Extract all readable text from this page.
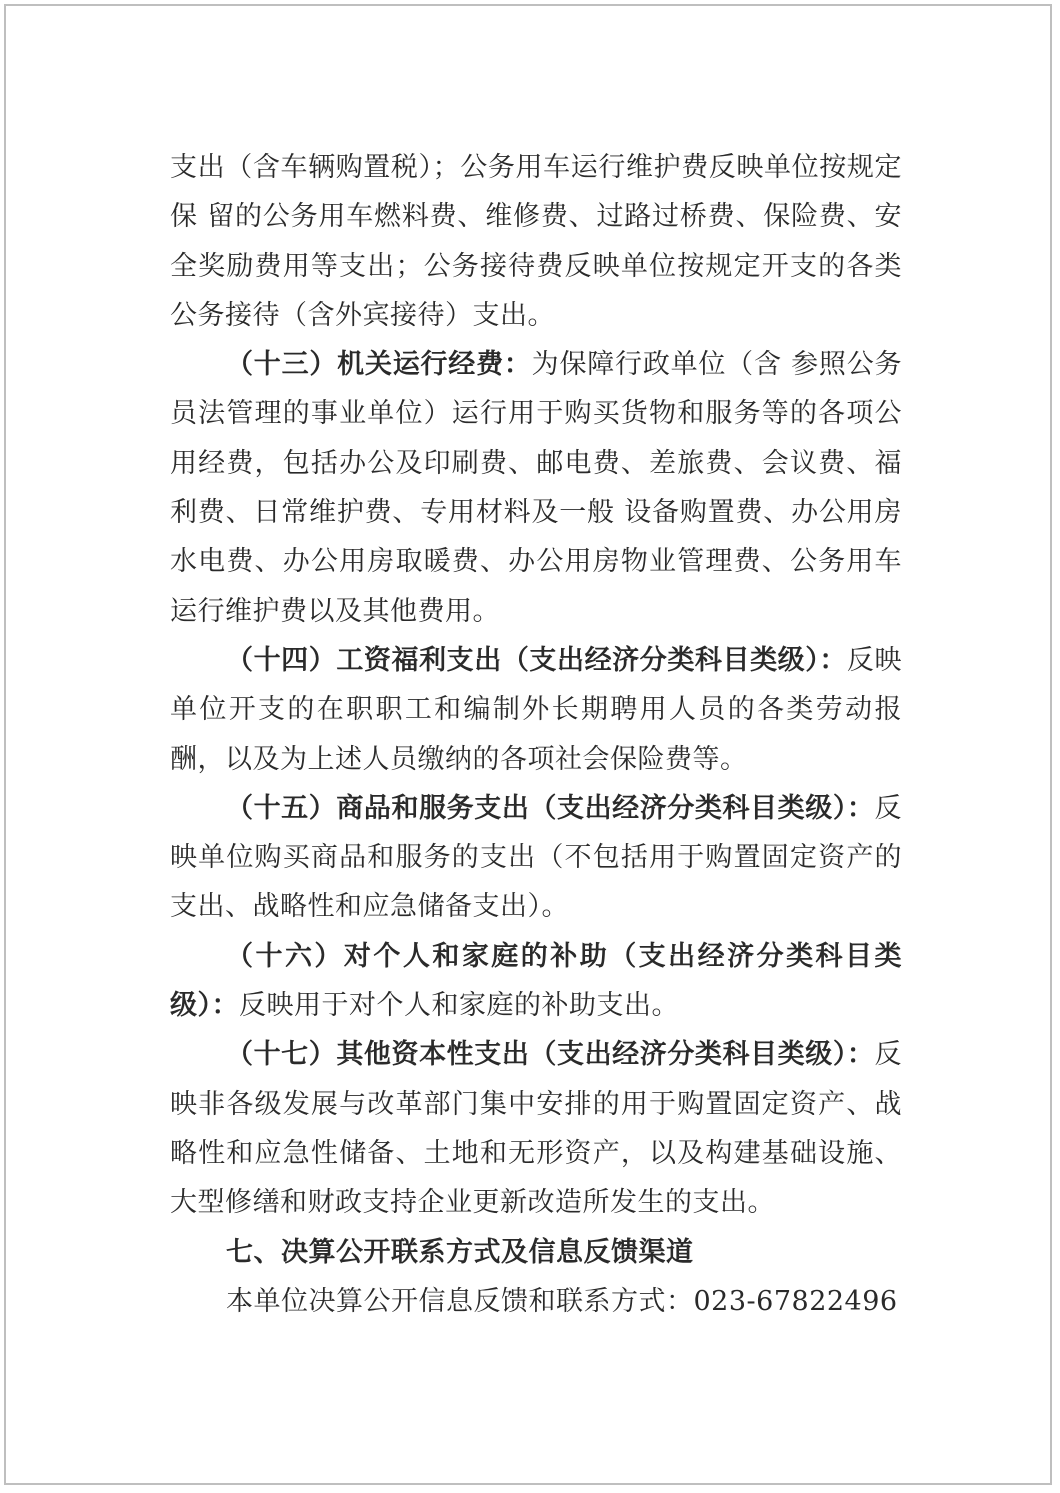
支出（含车辆购置税）；公务用车运行维护费反映单位按规定保 留的公务用车燃料费、维修费、过路过桥费、保险费、安全奖励费用等支出；公务接待费反映单位按规定开支的各类公务接待（含外宾接待）支出。

（十三）机关运行经费：为保障行政单位（含 参照公务员法管理的事业单位）运行用于购买货物和服务等的各项公用经费，包括办公及印刷费、邮电费、差旅费、会议费、福利费、日常维护费、专用材料及一般 设备购置费、办公用房水电费、办公用房取暖费、办公用房物业管理费、公务用车运行维护费以及其他费用。

（十四）工资福利支出（支出经济分类科目类级）：反映单位开支的在职职工和编制外长期聘用人员的各类劳动报酬，以及为上述人员缴纳的各项社会保险费等。

（十五）商品和服务支出（支出经济分类科目类级）：反映单位购买商品和服务的支出（不包括用于购置固定资产的支出、战略性和应急储备支出）。

（十六）对个人和家庭的补助（支出经济分类科目类级）：反映用于对个人和家庭的补助支出。

（十七）其他资本性支出（支出经济分类科目类级）：反映非各级发展与改革部门集中安排的用于购置固定资产、战略性和应急性储备、土地和无形资产，以及构建基础设施、大型修缮和财政支持企业更新改造所发生的支出。

七、决算公开联系方式及信息反馈渠道

本单位决算公开信息反馈和联系方式：023-67822496
